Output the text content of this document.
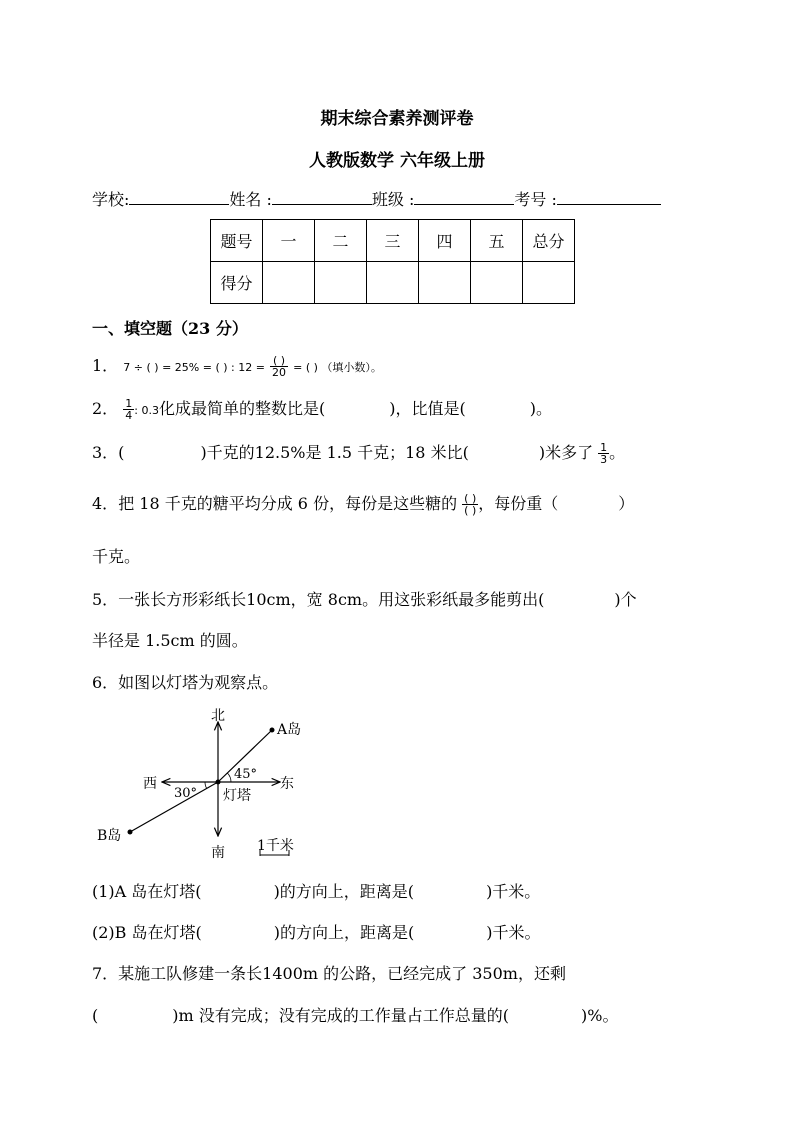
期末综合素养测评卷
人教版数学 六年级上册
学校:	姓名 :	班级 :	考号 :
题号	一	二	三	四	五	总分
得分						
一、填空题（23 分）
1． 7 ÷ ( ) = 25% = ( ) : $12 = \frac{( )}{20}$ = ( ) （填小数）。
2． $\frac{1}{4}$ : 0.3化成最简单的整数比是(	)，比值是(	)。
3．(	)千克的12.5%是 1.5 千克；18 米比(	)米多了 $\frac{1}{3}$ 。
4．把 18 千克的糖平均分成 6 份，每份是这些糖的 $\frac{( )}{( )}$ ，每份重（	）
千克。
5．一张长方形彩纸长10cm，宽 8cm。用这张彩纸最多能剪出(	)个
半径是 1.5cm 的圆。
6．如图以灯塔为观察点。
北
南
东
西
A岛
B岛
灯塔
45°
30°
1千米
(1)A 岛在灯塔(	)的方向上，距离是(	)千米。
(2)B 岛在灯塔(	)的方向上，距离是(	)千米。
7．某施工队修建一条长1400m 的公路，已经完成了 350m，还剩
(	)m 没有完成；没有完成的工作量占工作总量的(	)%。
